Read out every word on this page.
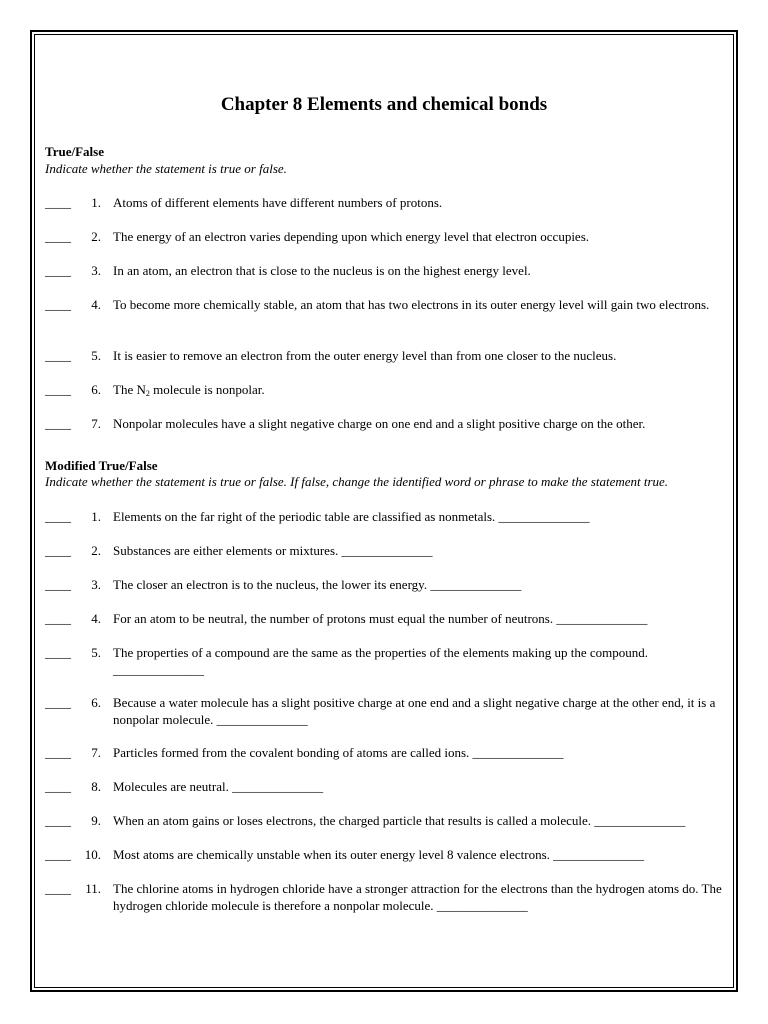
Chapter 8 Elements and chemical bonds
True/False
Indicate whether the statement is true or false.
____	1. Atoms of different elements have different numbers of protons.
____	2. The energy of an electron varies depending upon which energy level that electron occupies.
____	3. In an atom, an electron that is close to the nucleus is on the highest energy level.
____	4. To become more chemically stable, an atom that has two electrons in its outer energy level will gain two electrons.
____	5. It is easier to remove an electron from the outer energy level than from one closer to the nucleus.
____	6. The $N_2$ molecule is nonpolar.
____	7. Nonpolar molecules have a slight negative charge on one end and a slight positive charge on the other.
Modified True/False
Indicate whether the statement is true or false. If false, change the identified word or phrase to make the statement true.
____	1. Elements on the far right of the periodic table are classified as nonmetals. ______________
____	2. Substances are either elements or mixtures. ______________
____	3. The closer an electron is to the nucleus, the lower its energy. ______________
____	4. For an atom to be neutral, the number of protons must equal the number of neutrons. ______________
____	5. The properties of a compound are the same as the properties of the elements making up the compound. ______________
____	6. Because a water molecule has a slight positive charge at one end and a slight negative charge at the other end, it is a nonpolar molecule. ______________
____	7. Particles formed from the covalent bonding of atoms are called ions. ______________
____	8. Molecules are neutral. ______________
____	9. When an atom gains or loses electrons, the charged particle that results is called a molecule. ______________
____ 10. Most atoms are chemically unstable when its outer energy level 8 valence electrons. ______________
____	11. The chlorine atoms in hydrogen chloride have a stronger attraction for the electrons than the hydrogen atoms do. The hydrogen chloride molecule is therefore a nonpolar molecule. ______________
